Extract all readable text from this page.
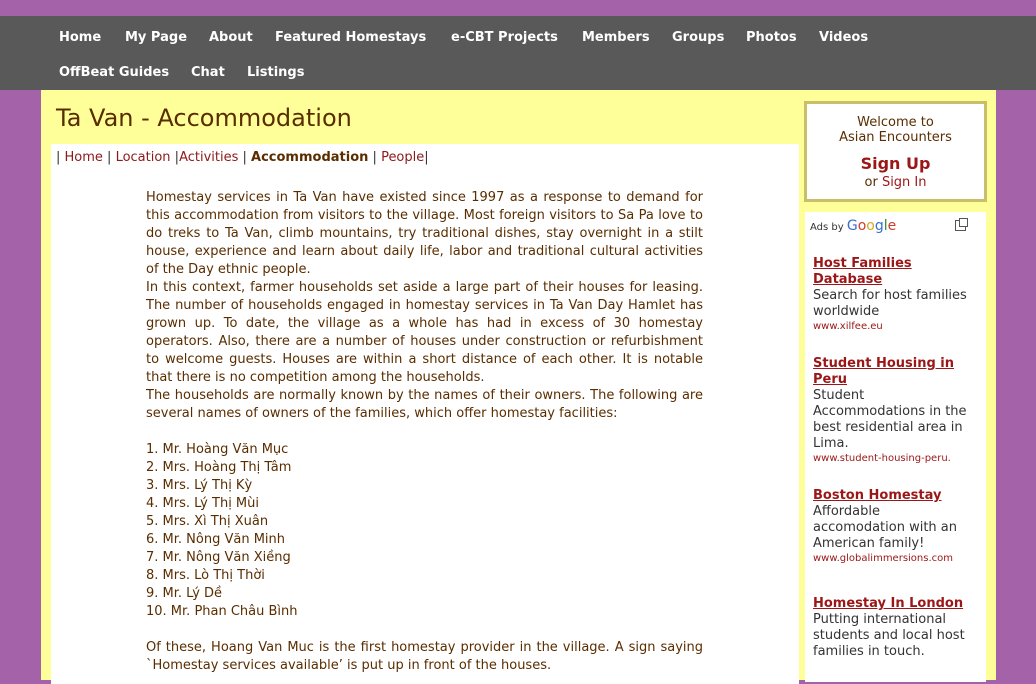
Home My Page About Featured Homestays e-CBT Projects Members Groups Photos Videos
OffBeat Guides Chat Listings
Ta Van - Accommodation
| Home | Location |Activities | Accommodation | People|

Homestay services in Ta Van have existed since 1997 as a response to demand for this accommodation from visitors to the village. Most foreign visitors to Sa Pa love to do treks to Ta Van, climb mountains, try traditional dishes, stay overnight in a stilt house, experience and learn about daily life, labor and traditional cultural activities of the Day ethnic people.

In this context, farmer households set aside a large part of their houses for leasing. The number of households engaged in homestay services in Ta Van Day Hamlet has grown up. To date, the village as a whole has had in excess of 30 homestay operators. Also, there are a number of houses under construction or refurbishment to welcome guests. Houses are within a short distance of each other. It is notable that there is no competition among the households.

The households are normally known by the names of their owners. The following are several names of owners of the families, which offer homestay facilities:

1. Mr. Hoàng Văn Mục
2. Mrs. Hoàng Thị Tâm
3. Mrs. Lý Thị Kỳ
4. Mrs. Lý Thị Mùi
5. Mrs. Xì Thị Xuân
6. Mr. Nông Văn Minh
7. Mr. Nông Văn Xiềng
8. Mrs. Lò Thị Thời
9. Mr. Lý Dề
10. Mr. Phan Châu Bình

Of these, Hoang Van Muc is the first homestay provider in the village. A sign saying `Homestay services available’ is put up in front of the houses.

Welcome to
Asian Encounters
Sign Up
or Sign In
Ads by Google
Host Families Database
Search for host families worldwide
www.xilfee.eu
Student Housing in Peru
Student Accommodations in the best residential area in Lima.
www.student-housing-peru.
Boston Homestay
Affordable accomodation with an American family!
www.globalimmersions.com
Homestay In London
Putting international students and local host families in touch.
